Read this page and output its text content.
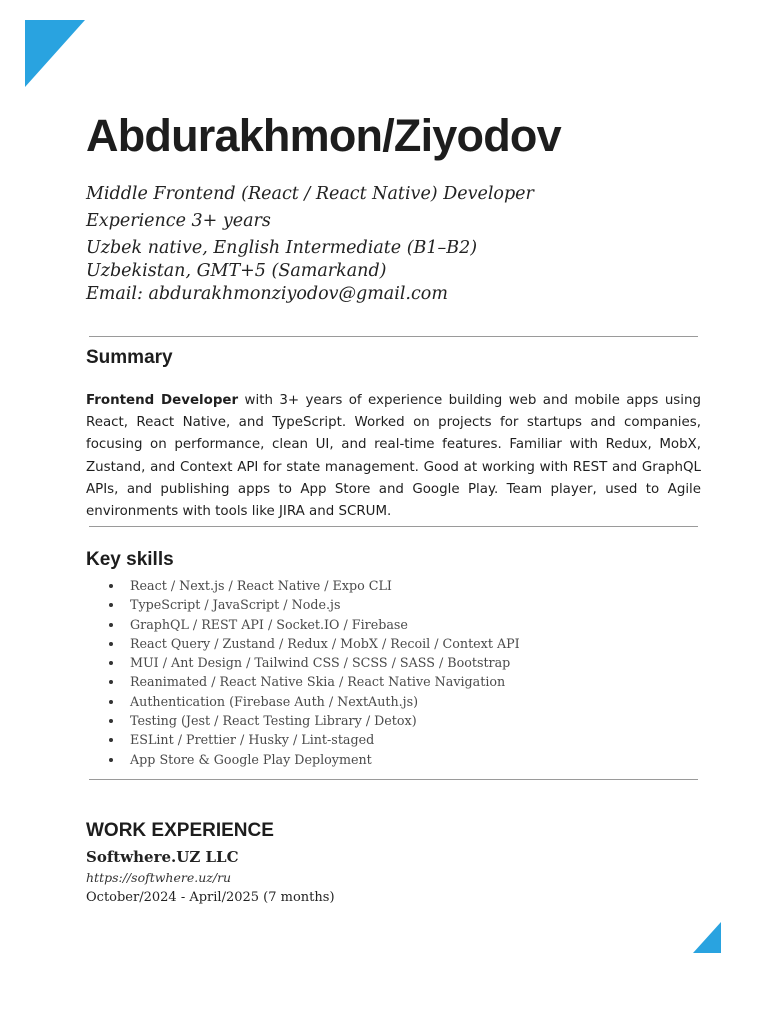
Abdurakhmon/Ziyodov
Middle Frontend (React / React Native) Developer
Experience 3+ years
Uzbek native, English Intermediate (B1–B2)
Uzbekistan, GMT+5 (Samarkand)
Email: abdurakhmonziyodov@gmail.com
Summary

Frontend Developer with 3+ years of experience building web and mobile apps using React, React Native, and TypeScript. Worked on projects for startups and companies, focusing on performance, clean UI, and real-time features. Familiar with Redux, MobX, Zustand, and Context API for state management. Good at working with REST and GraphQL APIs, and publishing apps to App Store and Google Play. Team player, used to Agile environments with tools like JIRA and SCRUM.

Key skills
React / Next.js / React Native / Expo CLI
TypeScript / JavaScript / Node.js
GraphQL / REST API / Socket.IO / Firebase
React Query / Zustand / Redux / MobX / Recoil / Context API
MUI / Ant Design / Tailwind CSS / SCSS / SASS / Bootstrap
Reanimated / React Native Skia / React Native Navigation
Authentication (Firebase Auth / NextAuth.js)
Testing (Jest / React Testing Library / Detox)
ESLint / Prettier / Husky / Lint-staged
App Store & Google Play Deployment
WORK EXPERIENCE
Softwhere.UZ LLC
https://softwhere.uz/ru
October/2024 - April/2025 (7 months)
